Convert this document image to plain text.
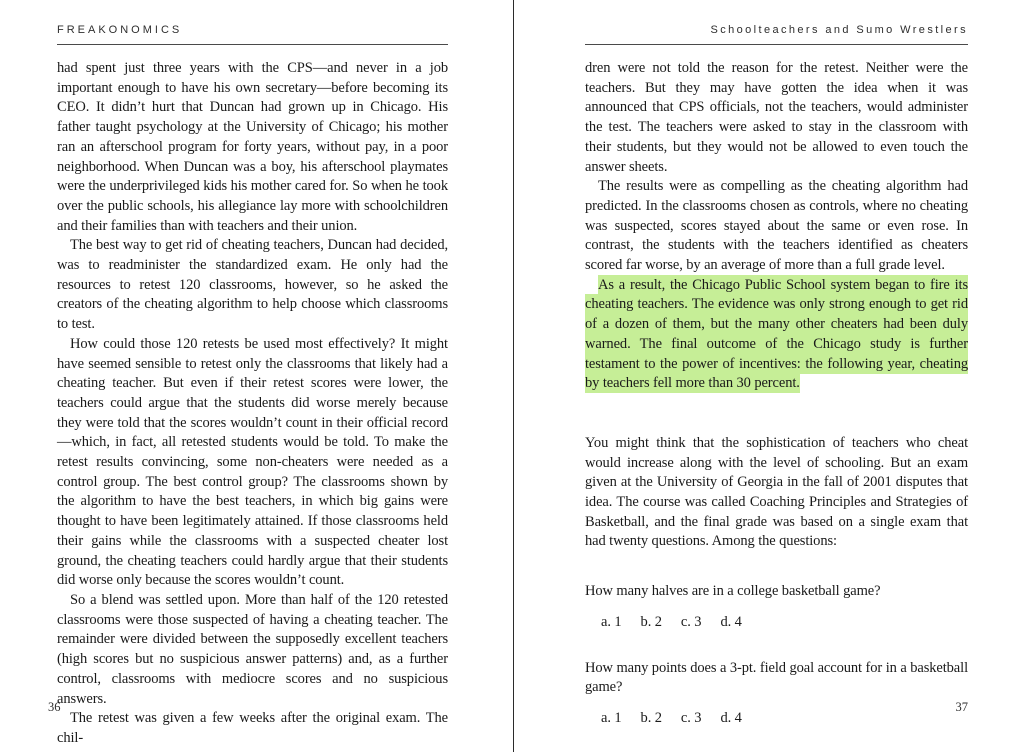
FREAKONOMICS

had spent just three years with the CPS—and never in a job important enough to have his own secretary—before becoming its CEO. It didn’t hurt that Duncan had grown up in Chicago. His father taught psychology at the University of Chicago; his mother ran an afterschool program for forty years, without pay, in a poor neighborhood. When Duncan was a boy, his afterschool playmates were the underprivileged kids his mother cared for. So when he took over the public schools, his allegiance lay more with schoolchildren and their families than with teachers and their union.

The best way to get rid of cheating teachers, Duncan had decided, was to readminister the standardized exam. He only had the resources to retest 120 classrooms, however, so he asked the creators of the cheating algorithm to help choose which classrooms to test.

How could those 120 retests be used most effectively? It might have seemed sensible to retest only the classrooms that likely had a cheating teacher. But even if their retest scores were lower, the teachers could argue that the students did worse merely because they were told that the scores wouldn’t count in their official record—which, in fact, all retested students would be told. To make the retest results convincing, some non-cheaters were needed as a control group. The best control group? The classrooms shown by the algorithm to have the best teachers, in which big gains were thought to have been legitimately attained. If those classrooms held their gains while the classrooms with a suspected cheater lost ground, the cheating teachers could hardly argue that their students did worse only because the scores wouldn’t count.

So a blend was settled upon. More than half of the 120 retested classrooms were those suspected of having a cheating teacher. The remainder were divided between the supposedly excellent teachers (high scores but no suspicious answer patterns) and, as a further control, classrooms with mediocre scores and no suspicious answers.

The retest was given a few weeks after the original exam. The chil-

36
Schoolteachers and Sumo Wrestlers

dren were not told the reason for the retest. Neither were the teachers. But they may have gotten the idea when it was announced that CPS officials, not the teachers, would administer the test. The teachers were asked to stay in the classroom with their students, but they would not be allowed to even touch the answer sheets.

The results were as compelling as the cheating algorithm had predicted. In the classrooms chosen as controls, where no cheating was suspected, scores stayed about the same or even rose. In contrast, the students with the teachers identified as cheaters scored far worse, by an average of more than a full grade level.

As a result, the Chicago Public School system began to fire its cheating teachers. The evidence was only strong enough to get rid of a dozen of them, but the many other cheaters had been duly warned. The final outcome of the Chicago study is further testament to the power of incentives: the following year, cheating by teachers fell more than 30 percent.

You might think that the sophistication of teachers who cheat would increase along with the level of schooling. But an exam given at the University of Georgia in the fall of 2001 disputes that idea. The course was called Coaching Principles and Strategies of Basketball, and the final grade was based on a single exam that had twenty questions. Among the questions:

How many halves are in a college basketball game?

a. 1 b. 2 c. 3 d. 4

How many points does a 3-pt. field goal account for in a basketball game?

a. 1 b. 2 c. 3 d. 4
37
